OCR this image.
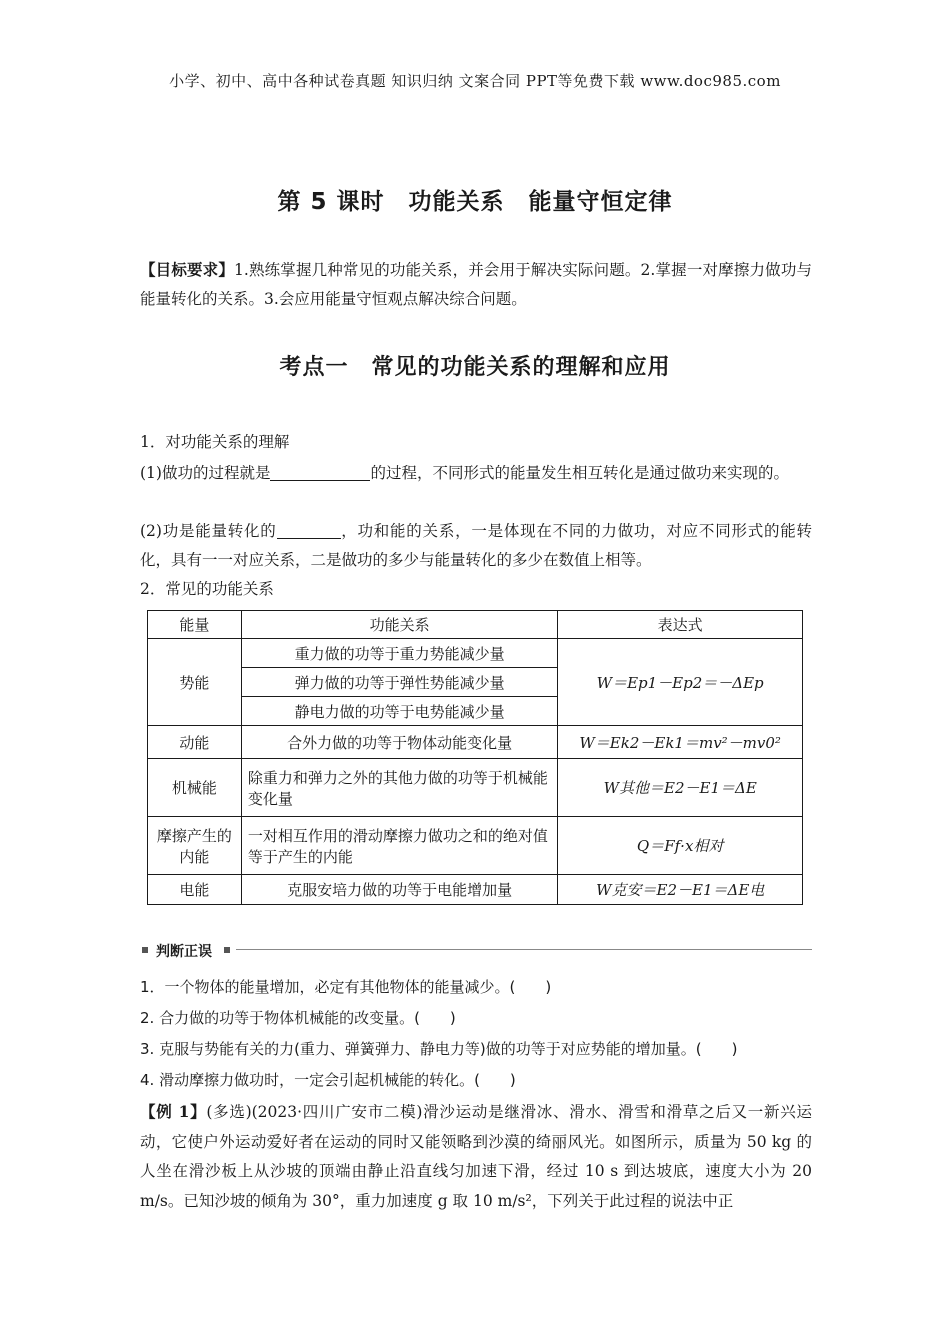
小学、初中、高中各种试卷真题 知识归纳 文案合同 PPT等免费下载 www.doc985.com
第 5 课时　功能关系　能量守恒定律
【目标要求】1.熟练掌握几种常见的功能关系，并会用于解决实际问题。2.掌握一对摩擦力做功与能量转化的关系。3.会应用能量守恒观点解决综合问题。
考点一　常见的功能关系的理解和应用
1．对功能关系的理解
(1)做功的过程就是	的过程，不同形式的能量发生相互转化是通过做功来实现的。
(2)功是能量转化的	，功和能的关系，一是体现在不同的力做功，对应不同形式的能转化，具有一一对应关系，二是做功的多少与能量转化的多少在数值上相等。
2．常见的功能关系
能量	功能关系	表达式
势能	重力做的功等于重力势能减少量	W＝Ep1－Ep2＝－ΔEp
	弹力做的功等于弹性势能减少量	
	静电力做的功等于电势能减少量	
动能	合外力做的功等于物体动能变化量	W＝Ek2－Ek1＝mv²－mv0²
机械能	除重力和弹力之外的其他力做的功等于机械能变化量	W其他＝E2－E1＝ΔE
摩擦产生的内能	一对相互作用的滑动摩擦力做功之和的绝对值等于产生的内能	Q＝Ff·x相对
电能	克服安培力做的功等于电能增加量	W克安＝E2－E1＝ΔE电
判断正误
1．一个物体的能量增加，必定有其他物体的能量减少。(　　)
2. 合力做的功等于物体机械能的改变量。(　　)
3. 克服与势能有关的力(重力、弹簧弹力、静电力等)做的功等于对应势能的增加量。(　　)
4. 滑动摩擦力做功时，一定会引起机械能的转化。(　　)
【例 1】(多选)(2023·四川广安市二模)滑沙运动是继滑冰、滑水、滑雪和滑草之后又一新兴运动，它使户外运动爱好者在运动的同时又能领略到沙漠的绮丽风光。如图所示，质量为 50 kg 的人坐在滑沙板上从沙坡的顶端由静止沿直线匀加速下滑，经过 10 s 到达坡底，速度大小为 20 m/s。已知沙坡的倾角为 30°，重力加速度 g 取 10 m/s²，下列关于此过程的说法中正
